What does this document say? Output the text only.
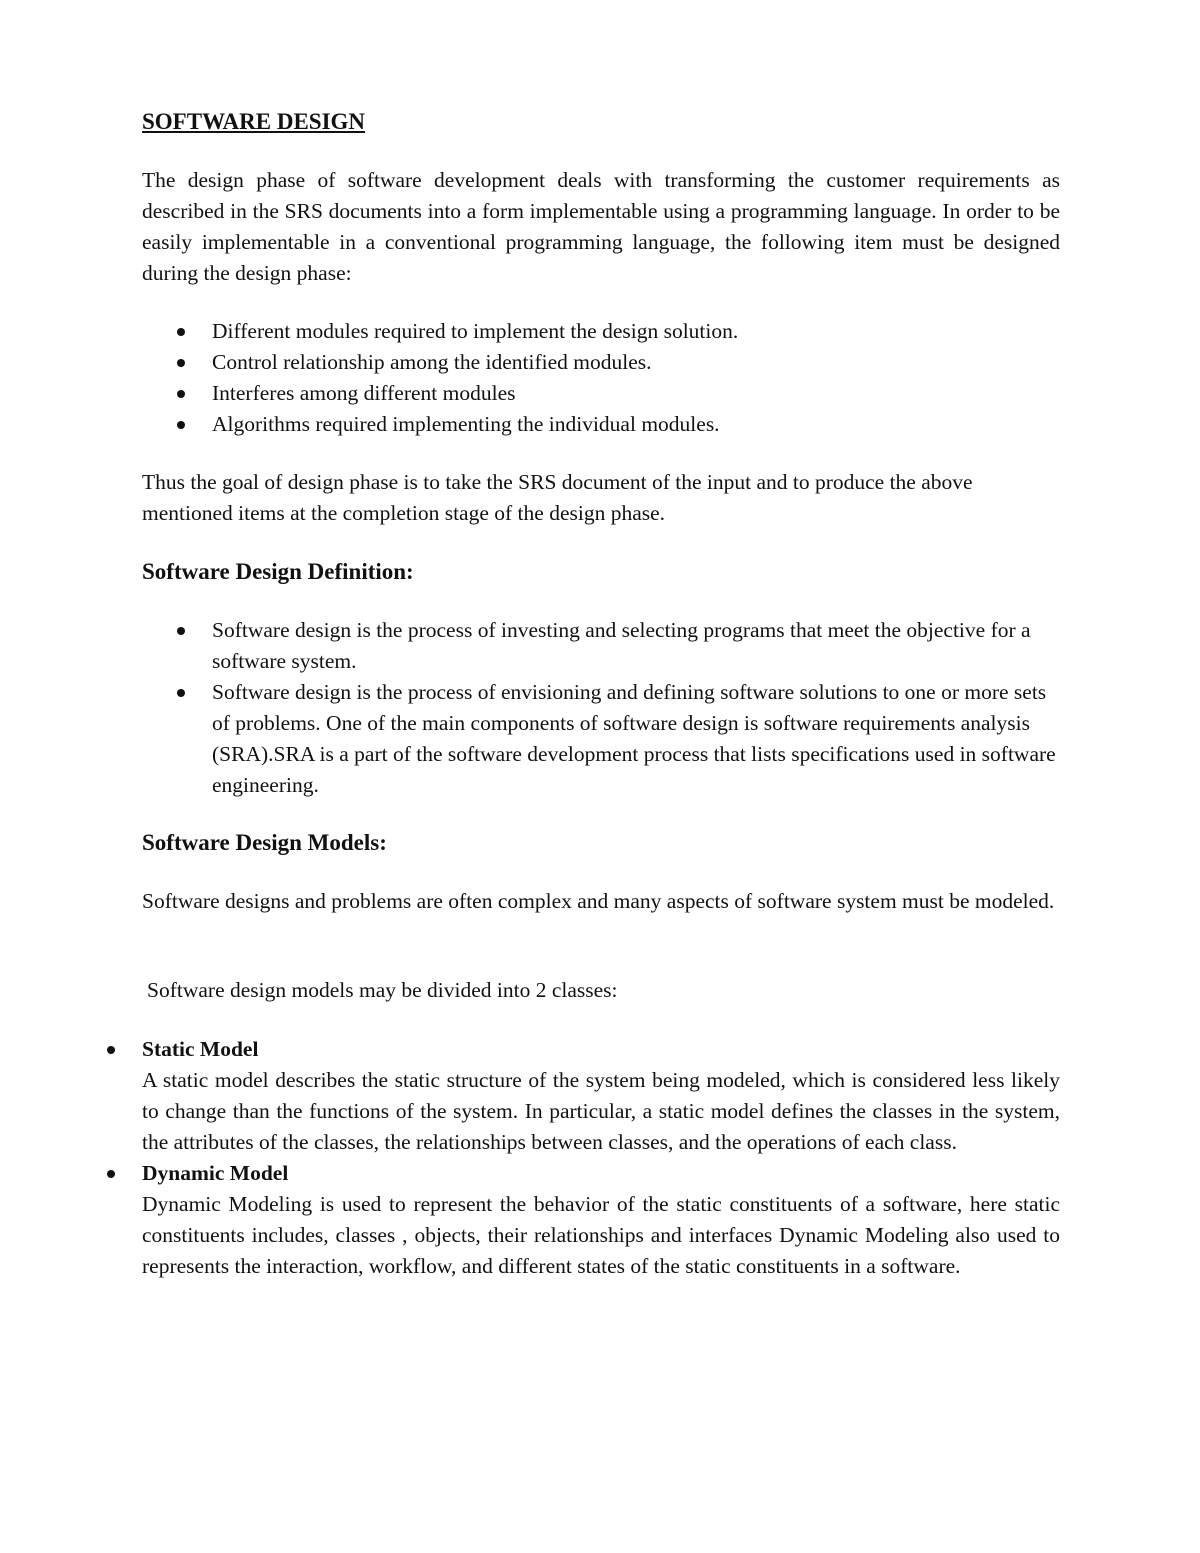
SOFTWARE DESIGN

The design phase of software development deals with transforming the customer requirements as described in the SRS documents into a form implementable using a programming language. In order to be easily implementable in a conventional programming language, the following item must be designed during the design phase:

Different modules required to implement the design solution.
Control relationship among the identified modules.
Interferes among different modules
Algorithms required implementing the individual modules.

Thus the goal of design phase is to take the SRS document of the input and to produce the above mentioned items at the completion stage of the design phase.

Software Design Definition:
Software design is the process of investing and selecting programs that meet the objective for a software system.
Software design is the process of envisioning and defining software solutions to one or more sets of problems. One of the main components of software design is software requirements analysis (SRA).SRA is a part of the software development process that lists specifications used in software engineering.
Software Design Models:

Software designs and problems are often complex and many aspects of software system must be modeled.

Software design models may be divided into 2 classes:

Static Model
A static model describes the static structure of the system being modeled, which is considered less likely to change than the functions of the system. In particular, a static model defines the classes in the system, the attributes of the classes, the relationships between classes, and the operations of each class.
Dynamic Model
Dynamic Modeling is used to represent the behavior of the static constituents of a software, here static constituents includes, classes , objects, their relationships and interfaces Dynamic Modeling also used to represents the interaction, workflow, and different states of the static constituents in a software.
